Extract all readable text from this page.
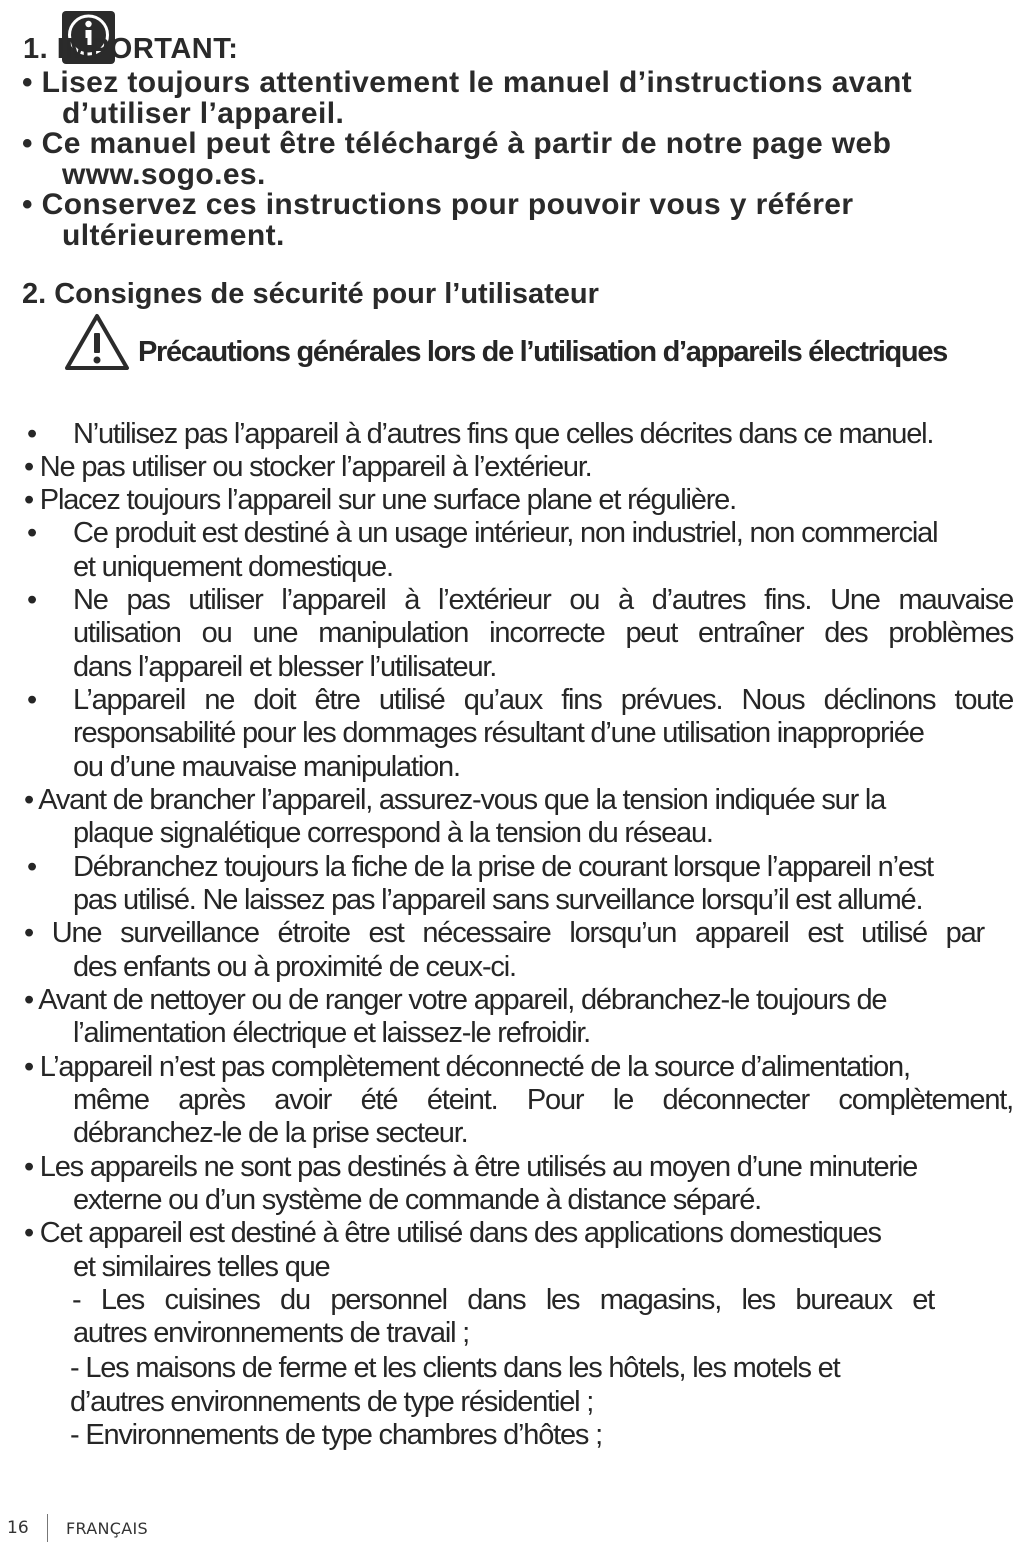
1. IMPORTANT:
• Lisez toujours attentivement le manuel d’instructions avant
d’utiliser l’appareil.
• Ce manuel peut être téléchargé à partir de notre page web
www.sogo.es.
• Conservez ces instructions pour pouvoir vous y référer
ultérieurement.
2. Consignes de sécurité pour l’utilisateur
Précautions générales lors de l’utilisation d’appareils électriques
• N’utilisez pas l’appareil à d’autres fins que celles décrites dans ce manuel.
• Ne pas utiliser ou stocker l’appareil à l’extérieur.
• Placez toujours l’appareil sur une surface plane et régulière.
• Ce produit est destiné à un usage intérieur, non industriel, non commercial
et uniquement domestique.
• Ne pas utiliser l’appareil à l’extérieur ou à d’autres fins. Une mauvaise
utilisation ou une manipulation incorrecte peut entraîner des problèmes
dans l’appareil et blesser l’utilisateur.
• L’appareil ne doit être utilisé qu’aux fins prévues. Nous déclinons toute
responsabilité pour les dommages résultant d’une utilisation inappropriée
ou d’une mauvaise manipulation.
• Avant de brancher l’appareil, assurez-vous que la tension indiquée sur la
plaque signalétique correspond à la tension du réseau.
• Débranchez toujours la fiche de la prise de courant lorsque l’appareil n’est
pas utilisé. Ne laissez pas l’appareil sans surveillance lorsqu’il est allumé.
• Une surveillance étroite est nécessaire lorsqu’un appareil est utilisé par
des enfants ou à proximité de ceux-ci.
• Avant de nettoyer ou de ranger votre appareil, débranchez-le toujours de
l’alimentation électrique et laissez-le refroidir.
• L’appareil n’est pas complètement déconnecté de la source d’alimentation,
même après avoir été éteint. Pour le déconnecter complètement,
débranchez-le de la prise secteur.
• Les appareils ne sont pas destinés à être utilisés au moyen d’une minuterie
externe ou d’un système de commande à distance séparé.
• Cet appareil est destiné à être utilisé dans des applications domestiques
et similaires telles que
- Les cuisines du personnel dans les magasins, les bureaux et
autres environnements de travail ;
- Les maisons de ferme et les clients dans les hôtels, les motels et
d’autres environnements de type résidentiel ;
- Environnements de type chambres d’hôtes ;
16 FRANÇAIS
